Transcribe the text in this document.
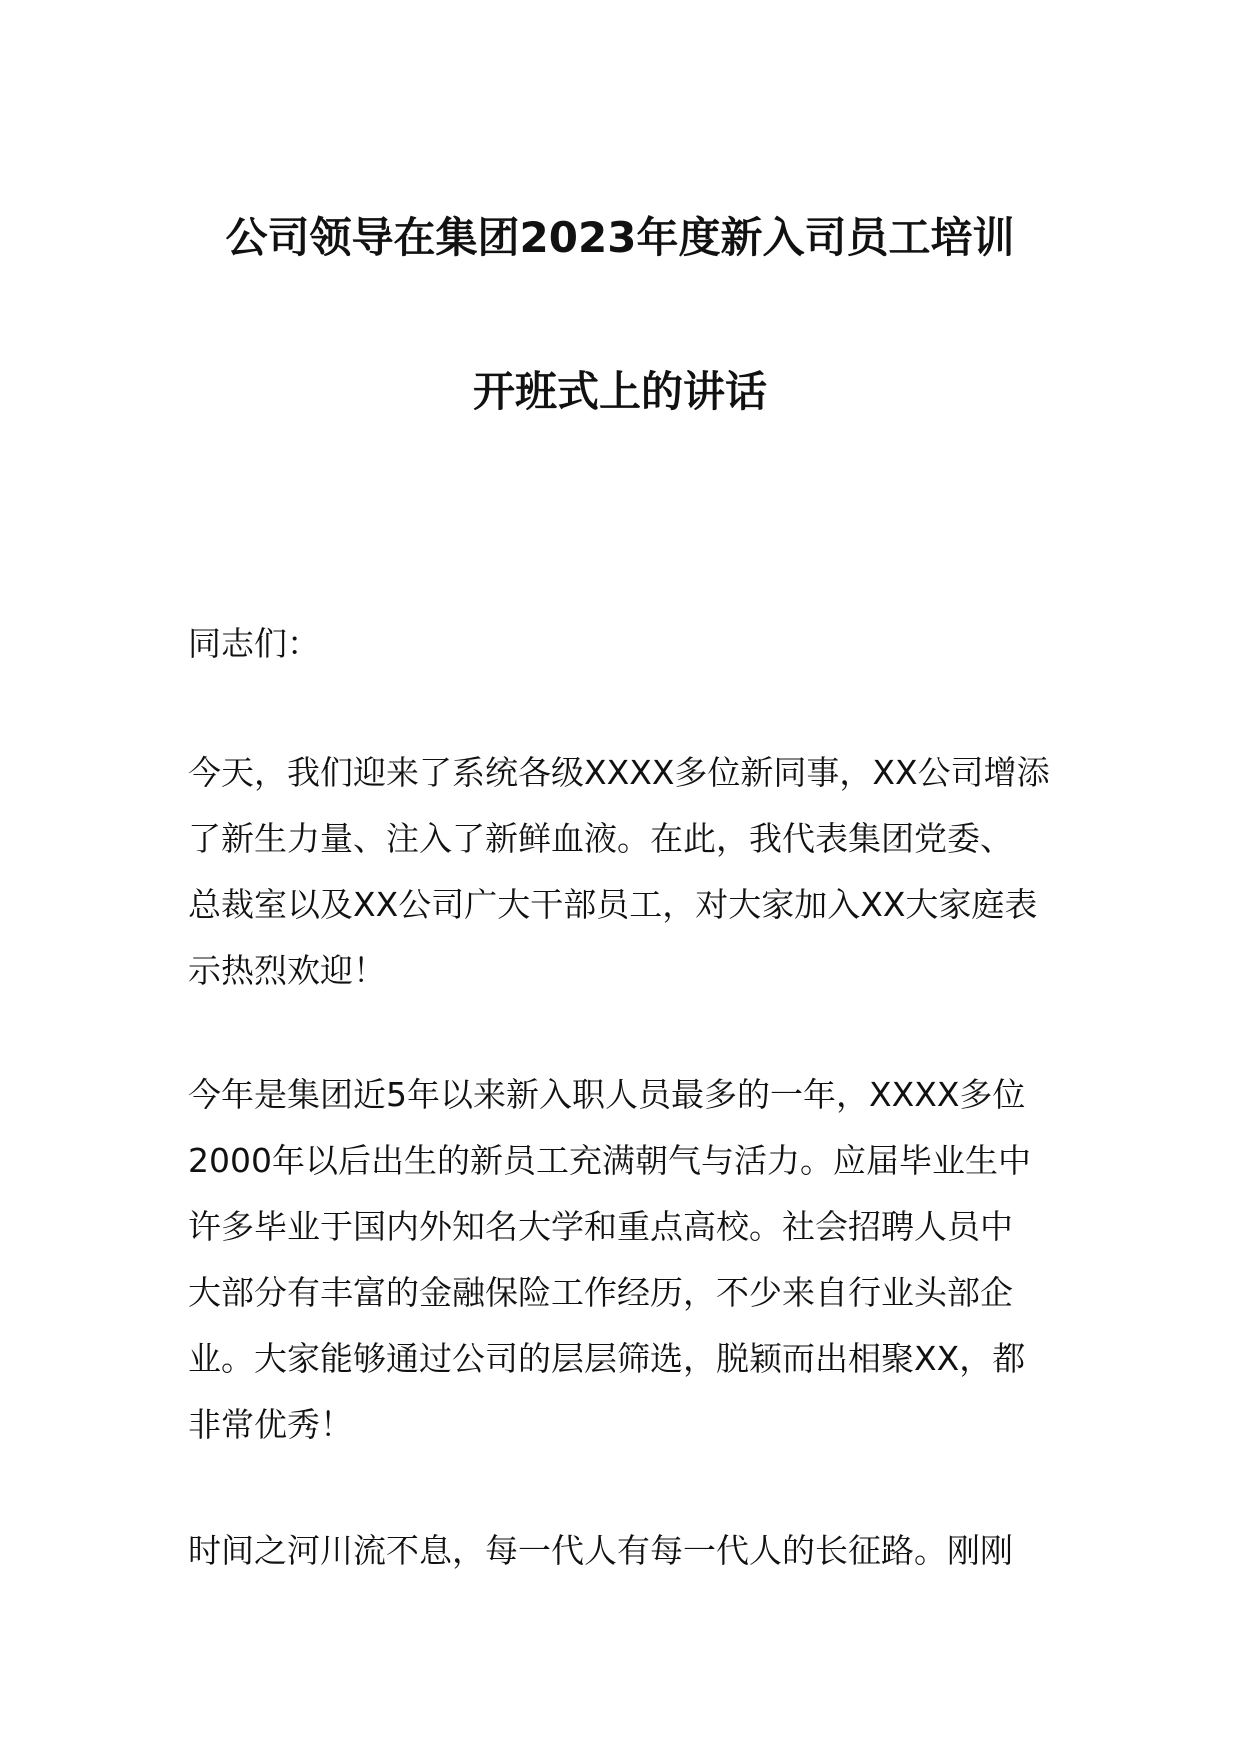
公司领导在集团2023年度新入司员工培训
开班式上的讲话
同志们：
今天，我们迎来了系统各级XXXX多位新同事，XX公司增添
了新生力量、注入了新鲜血液。在此，我代表集团党委、
总裁室以及XX公司广大干部员工，对大家加入XX大家庭表
示热烈欢迎！
今年是集团近5年以来新入职人员最多的一年，XXXX多位
2000年以后出生的新员工充满朝气与活力。应届毕业生中
许多毕业于国内外知名大学和重点高校。社会招聘人员中
大部分有丰富的金融保险工作经历，不少来自行业头部企
业。大家能够通过公司的层层筛选，脱颖而出相聚XX，都
非常优秀！
时间之河川流不息，每一代人有每一代人的长征路。刚刚
